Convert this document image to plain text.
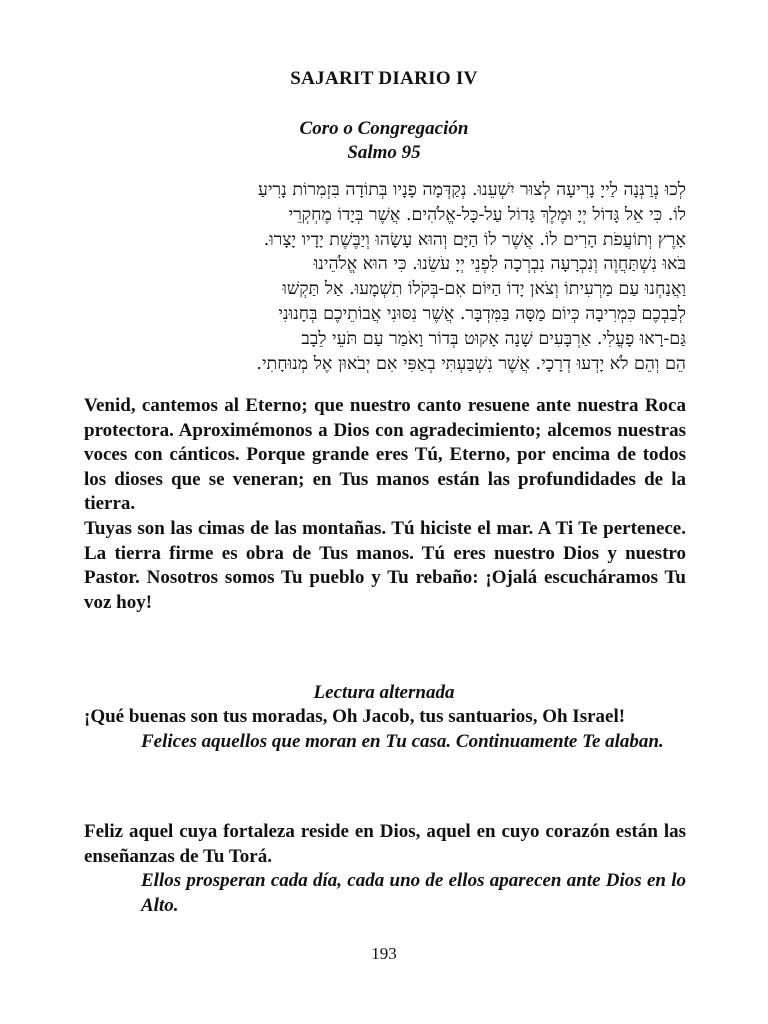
SAJARIT DIARIO IV
Coro o Congregación
Salmo 95
לְכוּ נְרַנְּנָה לַייָ נָרִיעָה לְצוּר יִשְׁעֵנוּ. נְקַדְּמָה פָנָיו בְּתוֹדָה בִּזְמִרוֹת נָרִיעַ
לוֹ. כִּי אֵל גָּדוֹל יְיָ וּמֶלֶךְ גָּדוֹל עַל-כָּל-אֱלֹהִים. אֲשֶׁר בְּיָדוֹ מֶחְקְרֵי
אָרֶץ וְתוֹעֲפֹת הָרִים לוֹ. אֲשֶׁר לוֹ הַיָּם וְהוּא עָשָׂהוּ וְיַבֶּשֶׁת יָדָיו יָצָרוּ.
בֹּאוּ נִשְׁתַּחֲוֶה וְנִכְרָעָה נִבְרְכָה לִפְנֵי יְיָ עֹשֵׂנוּ. כִּי הוּא אֱלֹהֵינוּ
וַאֲנַחְנוּ עַם מַרְעִיתוֹ וְצֹאן יָדוֹ הַיּוֹם אִם-בְּקֹלוֹ תִשְׁמָעוּ. אַל תַּקְשׁוּ
לְבַבְכֶם כִּמְרִיבָה כְּיוֹם מַסָּה בַּמִּדְבָּר. אֲשֶׁר נִסּוּנִי אֲבוֹתֵיכֶם בְּחָנוּנִי
גַּם-רָאוּ פָעֳלִי. אַרְבָּעִים שָׁנָה אָקוּט בְּדוֹר וָאֹמַר עַם תֹּעֵי לֵבָב
הֵם וְהֵם לֹא יָדְעוּ דְרָכָי. אֲשֶׁר נִשְׁבַּעְתִּי בְאַפִּי אִם יְבֹאוּן אֶל מְנוּחָתִי.

Venid, cantemos al Eterno; que nuestro canto resuene ante nuestra Roca protectora. Aproximémonos a Dios con agradecimiento; alcemos nuestras voces con cánticos. Porque grande eres Tú, Eterno, por encima de todos los dioses que se veneran; en Tus manos están las profundidades de la tierra.

Tuyas son las cimas de las montañas. Tú hiciste el mar. A Ti Te pertenece. La tierra firme es obra de Tus manos. Tú eres nuestro Dios y nuestro Pastor. Nosotros somos Tu pueblo y Tu rebaño: ¡Ojalá escucháramos Tu voz hoy!

Lectura alternada

¡Qué buenas son tus moradas, Oh Jacob, tus santuarios, Oh Israel!

Felices aquellos que moran en Tu casa. Continuamente Te alaban.

Feliz aquel cuya fortaleza reside en Dios, aquel en cuyo corazón están las enseñanzas de Tu Torá.

Ellos prosperan cada día, cada uno de ellos aparecen ante Dios en lo Alto.

193
